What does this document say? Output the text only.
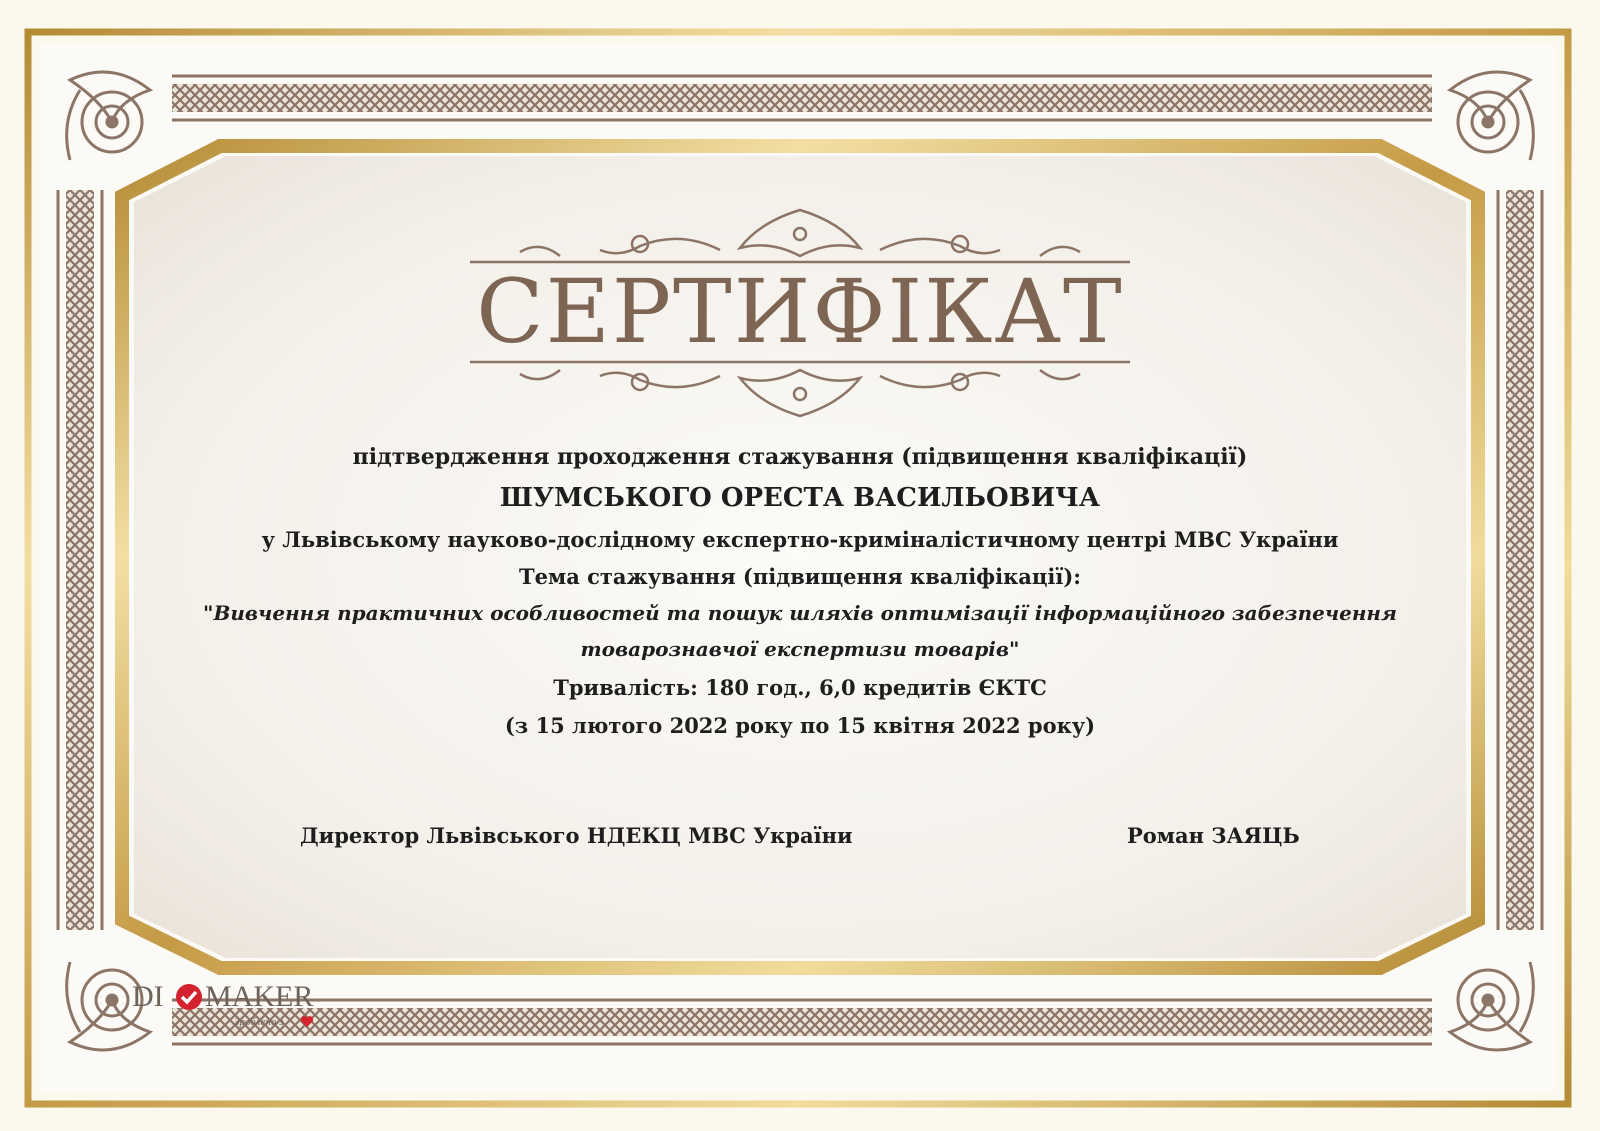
СЕРТИФІКАТ
підтвердження проходження стажування (підвищення кваліфікації)
ШУМСЬКОГО ОРЕСТА ВАСИЛЬОВИЧА
у Львівському науково-дослідному експертно-криміналістичному центрі МВС України
Тема стажування (підвищення кваліфікації):
"Вивчення практичних особливостей та пошук шляхів оптимізації інформаційного забезпечення
товарознавчої експертизи товарів"
Тривалість: 180 год., 6,0 кредитів ЄКТС
(з 15 лютого 2022 року по 15 квітня 2022 року)
Директор Львівського НДЕКЦ МВС України	Роман ЗАЯЦЬ
DI MAKER
Зроблено з
